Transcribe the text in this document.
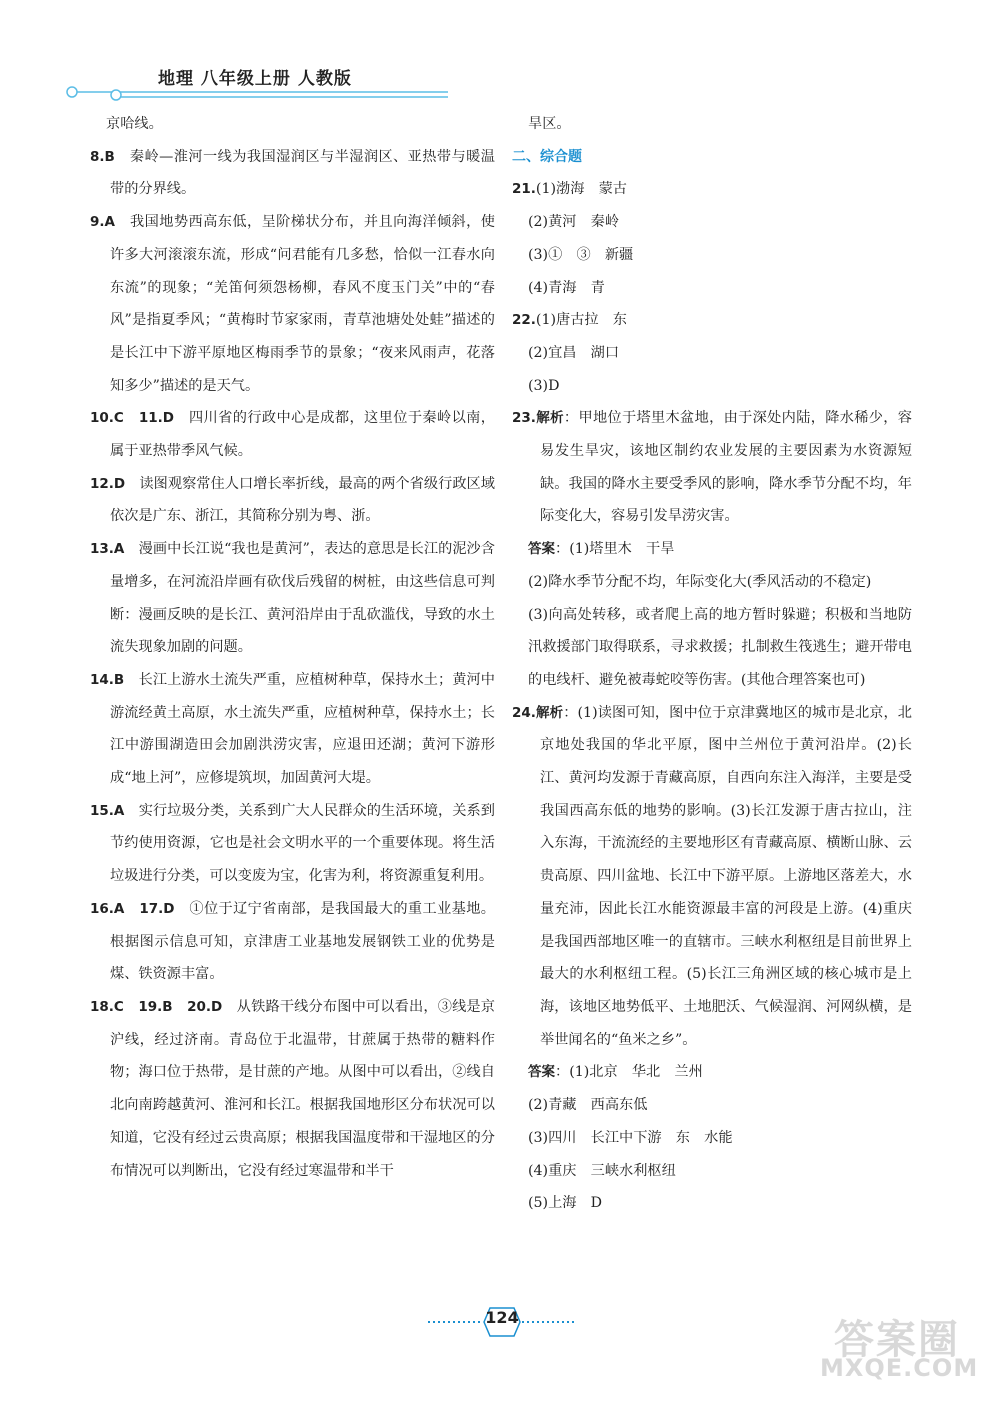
地理 八年级上册 人教版

京哈线。

8.B　 秦岭—淮河一线为我国湿润区与半湿润区、亚热带与暖温带的分界线。

9.A　 我国地势西高东低，呈阶梯状分布，并且向海洋倾斜，使许多大河滚滚东流，形成“问君能有几多愁，恰似一江春水向东流”的现象；“羌笛何须怨杨柳，春风不度玉门关”中的“春风”是指夏季风；“黄梅时节家家雨，青草池塘处处蛙”描述的是长江中下游平原地区梅雨季节的景象；“夜来风雨声，花落知多少”描述的是天气。

10.C　 11.D　 四川省的行政中心是成都，这里位于秦岭以南，属于亚热带季风气候。

12.D　 读图观察常住人口增长率折线，最高的两个省级行政区域依次是广东、浙江，其简称分别为粤、浙。

13.A　 漫画中长江说“我也是黄河”，表达的意思是长江的泥沙含量增多，在河流沿岸画有砍伐后残留的树桩，由这些信息可判断：漫画反映的是长江、黄河沿岸由于乱砍滥伐，导致的水土流失现象加剧的问题。

14.B　 长江上游水土流失严重，应植树种草，保持水土；黄河中游流经黄土高原，水土流失严重，应植树种草，保持水土；长江中游围湖造田会加剧洪涝灾害，应退田还湖；黄河下游形成“地上河”，应修堤筑坝，加固黄河大堤。

15.A　 实行垃圾分类，关系到广大人民群众的生活环境，关系到节约使用资源，它也是社会文明水平的一个重要体现。将生活垃圾进行分类，可以变废为宝，化害为利，将资源重复利用。

16.A　 17.D　 ①位于辽宁省南部，是我国最大的重工业基地。根据图示信息可知，京津唐工业基地发展钢铁工业的优势是煤、铁资源丰富。

18.C　 19.B　 20.D　 从铁路干线分布图中可以看出，③线是京沪线，经过济南。青岛位于北温带，甘蔗属于热带的糖料作物；海口位于热带，是甘蔗的产地。从图中可以看出，②线自北向南跨越黄河、淮河和长江。根据我国地形区分布状况可以知道，它没有经过云贵高原；根据我国温度带和干湿地区的分布情况可以判断出，它没有经过寒温带和半干

旱区。

二、综合题

21.(1)渤海　蒙古

(2)黄河　秦岭

(3)①　③　新疆

(4)青海　青

22.(1)唐古拉　东

(2)宜昌　湖口

(3)D

23.解析：甲地位于塔里木盆地，由于深处内陆，降水稀少，容易发生旱灾，该地区制约农业发展的主要因素为水资源短缺。我国的降水主要受季风的影响，降水季节分配不均，年际变化大，容易引发旱涝灾害。

答案：(1)塔里木　干旱

(2)降水季节分配不均，年际变化大(季风活动的不稳定)

(3)向高处转移，或者爬上高的地方暂时躲避；积极和当地防汛救援部门取得联系，寻求救援；扎制救生筏逃生；避开带电的电线杆、避免被毒蛇咬等伤害。(其他合理答案也可)

24.解析：(1)读图可知，图中位于京津冀地区的城市是北京，北京地处我国的华北平原，图中兰州位于黄河沿岸。(2)长江、黄河均发源于青藏高原，自西向东注入海洋，主要是受我国西高东低的地势的影响。(3)长江发源于唐古拉山，注入东海，干流流经的主要地形区有青藏高原、横断山脉、云贵高原、四川盆地、长江中下游平原。上游地区落差大，水量充沛，因此长江水能资源最丰富的河段是上游。(4)重庆是我国西部地区唯一的直辖市。三峡水利枢纽是目前世界上最大的水利枢纽工程。(5)长江三角洲区域的核心城市是上海，该地区地势低平、土地肥沃、气候湿润、河网纵横，是举世闻名的“鱼米之乡”。

答案：(1)北京　华北　兰州

(2)青藏　西高东低

(3)四川　长江中下游　东　水能

(4)重庆　三峡水利枢纽

(5)上海　D

124	答案圈
MXQE.COM
